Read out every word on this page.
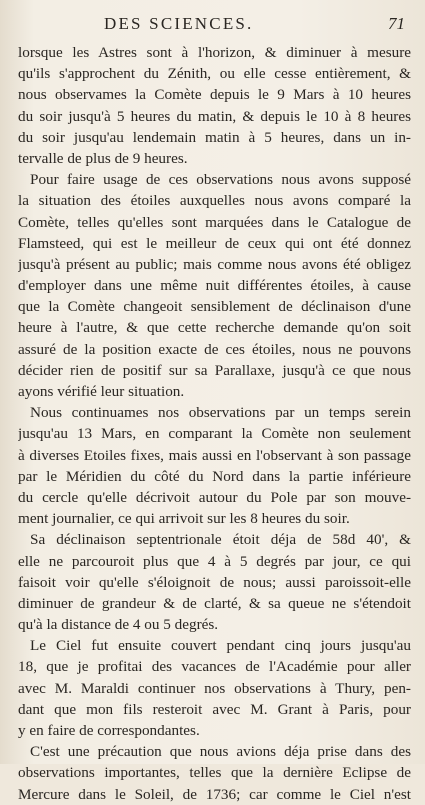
DES SCIENCES.	71
lorsque les Astres sont à l'horizon, & diminuer à mesure
qu'ils s'approchent du Zénith, ou elle cesse entièrement, &
nous observames la Comète depuis le 9 Mars à 10 heures
du soir jusqu'à 5 heures du matin, & depuis le 10 à 8 heures
du soir jusqu'au lendemain matin à 5 heures, dans un in-
tervalle de plus de 9 heures.
Pour faire usage de ces observations nous avons supposé
la situation des étoiles auxquelles nous avons comparé la
Comète, telles qu'elles sont marquées dans le Catalogue de
Flamsteed, qui est le meilleur de ceux qui ont été donnez
jusqu'à présent au public; mais comme nous avons été obligez
d'employer dans une même nuit différentes étoiles, à cause
que la Comète changeoit sensiblement de déclinaison d'une
heure à l'autre, & que cette recherche demande qu'on soit
assuré de la position exacte de ces étoiles, nous ne pouvons
décider rien de positif sur sa Parallaxe, jusqu'à ce que nous
ayons vérifié leur situation.
Nous continuames nos observations par un temps serein
jusqu'au 13 Mars, en comparant la Comète non seulement
à diverses Etoiles fixes, mais aussi en l'observant à son passage
par le Méridien du côté du Nord dans la partie inférieure
du cercle qu'elle décrivoit autour du Pole par son mouve-
ment journalier, ce qui arrivoit sur les 8 heures du soir.
Sa déclinaison septentrionale étoit déja de 58d 40', &
elle ne parcouroit plus que 4 à 5 degrés par jour, ce qui
faisoit voir qu'elle s'éloignoit de nous; aussi paroissoit-elle
diminuer de grandeur & de clarté, & sa queue ne s'étendoit
qu'à la distance de 4 ou 5 degrés.
Le Ciel fut ensuite couvert pendant cinq jours jusqu'au
18, que je profitai des vacances de l'Académie pour aller
avec M. Maraldi continuer nos observations à Thury, pen-
dant que mon fils resteroit avec M. Grant à Paris, pour
y en faire de correspondantes.
C'est une précaution que nous avions déja prise dans des
observations importantes, telles que la dernière Eclipse de
Mercure dans le Soleil, de 1736; car comme le Ciel n'est
